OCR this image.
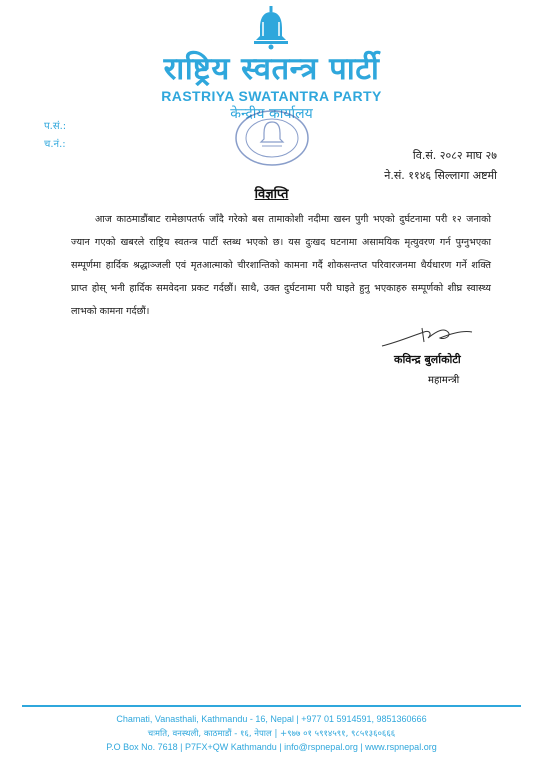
राष्ट्रिय स्वतन्त्र पार्टी
RASTRIYA SWATANTRA PARTY
केन्द्रीय कार्यालय
प.सं.:
च.नं.:
वि.सं. २०८२ माघ २७
ने.सं. ११४६ सिल्लागा अष्टमी
विज्ञप्ति

आज काठमाडौंबाट रामेछापतर्फ जाँदै गरेको बस तामाकोशी नदीमा खस्न पुगी भएको दुर्घटनामा परी १२ जनाको ज्यान गएको खबरले राष्ट्रिय स्वतन्त्र पार्टी स्तब्ध भएको छ। यस दुःखद घटनामा असामयिक मृत्युवरण गर्न पुग्नुभएका सम्पूर्णमा हार्दिक श्रद्धाञ्जली एवं मृतआत्माको चीरशान्तिको कामना गर्दै शोकसन्तप्त परिवारजनमा धैर्यधारण गर्ने शक्ति प्राप्त होस् भनी हार्दिक समवेदना प्रकट गर्दछौं। साथै, उक्त दुर्घटनामा परी घाइते हुनु भएकाहरु सम्पूर्णको शीघ्र स्वास्थ्य लाभको कामना गर्दछौं।

कविन्द्र बुर्लाकोटी
महामन्त्री
Chamati, Vanasthali, Kathmandu - 16, Nepal | +977 01 5914591, 9851360666
चःमति, वनस्थली, काठमाडौं - १६, नेपाल | +९७७ ०१ ५९१४५९१, ९८५१३६०६६६
P.O Box No. 7618 | P7FX+QW Kathmandu | info@rspnepal.org | www.rspnepal.org
